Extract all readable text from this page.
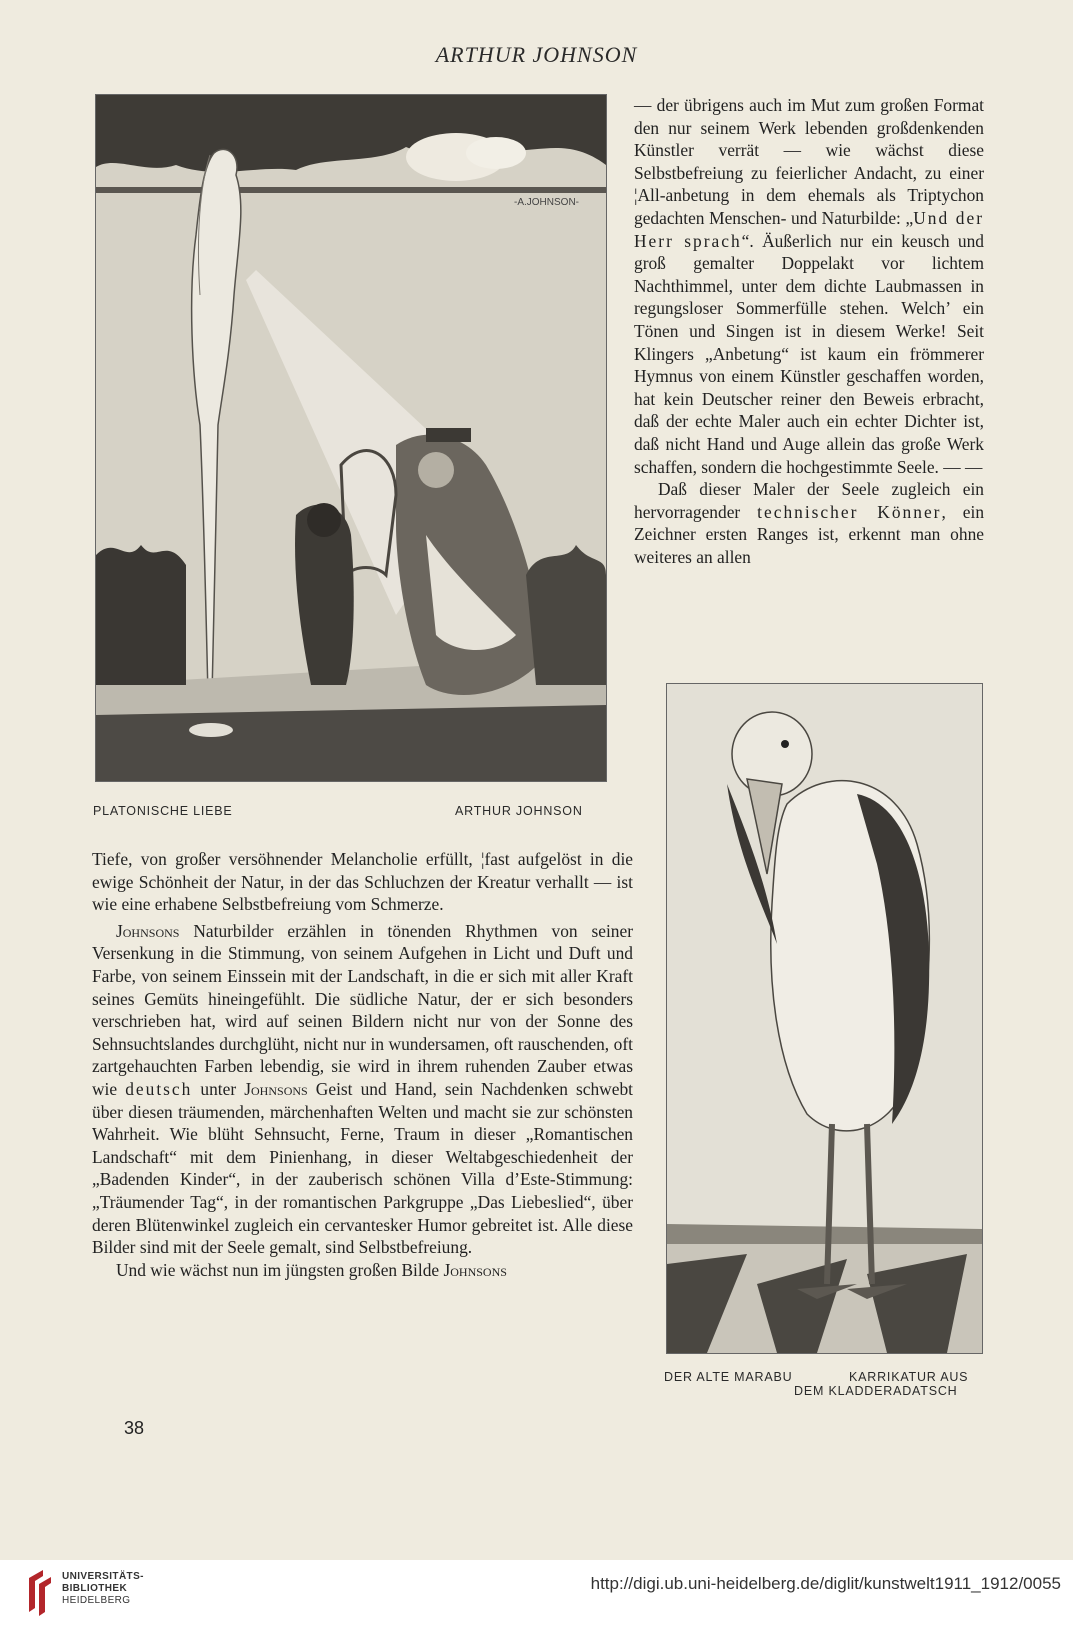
ARTHUR JOHNSON
-A.JOHNSON-
PLATONISCHE LIEBE	ARTHUR JOHNSON

— der übrigens auch im Mut zum großen Format den nur seinem Werk lebenden großdenkenden Künstler verrät — wie wächst diese Selbstbefreiung zu feierlicher Andacht, zu einer ¦All-anbetung in dem ehemals als Triptychon gedachten Menschen- und Naturbilde: „Und der Herr sprach“. Äußerlich nur ein keusch und groß gemalter Doppelakt vor lichtem Nachthimmel, unter dem dichte Laubmassen in regungsloser Sommerfülle stehen. Welch’ ein Tönen und Singen ist in diesem Werke! Seit Klingers „Anbetung“ ist kaum ein frömmerer Hymnus von einem Künstler geschaffen worden, hat kein Deutscher reiner den Beweis erbracht, daß der echte Maler auch ein echter Dichter ist, daß nicht Hand und Auge allein das große Werk schaffen, sondern die hochgestimmte Seele. — —

Daß dieser Maler der Seele zugleich ein hervorragender technischer Könner, ein Zeichner ersten Ranges ist, erkennt man ohne weiteres an allen

DER ALTE MARABU	KARRIKATUR AUS
DEM KLADDERADATSCH

Tiefe, von großer versöhnender Melancholie erfüllt, ¦fast aufgelöst in die ewige Schönheit der Natur, in der das Schluchzen der Kreatur verhallt — ist wie eine erhabene Selbstbefreiung vom Schmerze.

Johnsons Naturbilder erzählen in tönenden Rhythmen von seiner Versenkung in die Stimmung, von seinem Aufgehen in Licht und Duft und Farbe, von seinem Einssein mit der Landschaft, in die er sich mit aller Kraft seines Gemüts hineingefühlt. Die südliche Natur, der er sich besonders verschrieben hat, wird auf seinen Bildern nicht nur von der Sonne des Sehnsuchtslandes durchglüht, nicht nur in wundersamen, oft rauschenden, oft zartgehauchten Farben lebendig, sie wird in ihrem ruhenden Zauber etwas wie deutsch unter Johnsons Geist und Hand, sein Nachdenken schwebt über diesen träumenden, märchenhaften Welten und macht sie zur schönsten Wahrheit. Wie blüht Sehnsucht, Ferne, Traum in dieser „Romantischen Landschaft“ mit dem Pinienhang, in dieser Weltabgeschiedenheit der „Badenden Kinder“, in der zauberisch schönen Villa d’Este-Stimmung: „Träumender Tag“, in der romantischen Parkgruppe „Das Liebeslied“, über deren Blütenwinkel zugleich ein cervantesker Humor gebreitet ist. Alle diese Bilder sind mit der Seele gemalt, sind Selbstbefreiung.

Und wie wächst nun im jüngsten großen Bilde Johnsons

38
UNIVERSITÄTS-
BIBLIOTHEK
HEIDELBERG
http://digi.ub.uni-heidelberg.de/diglit/kunstwelt1911_1912/0055
